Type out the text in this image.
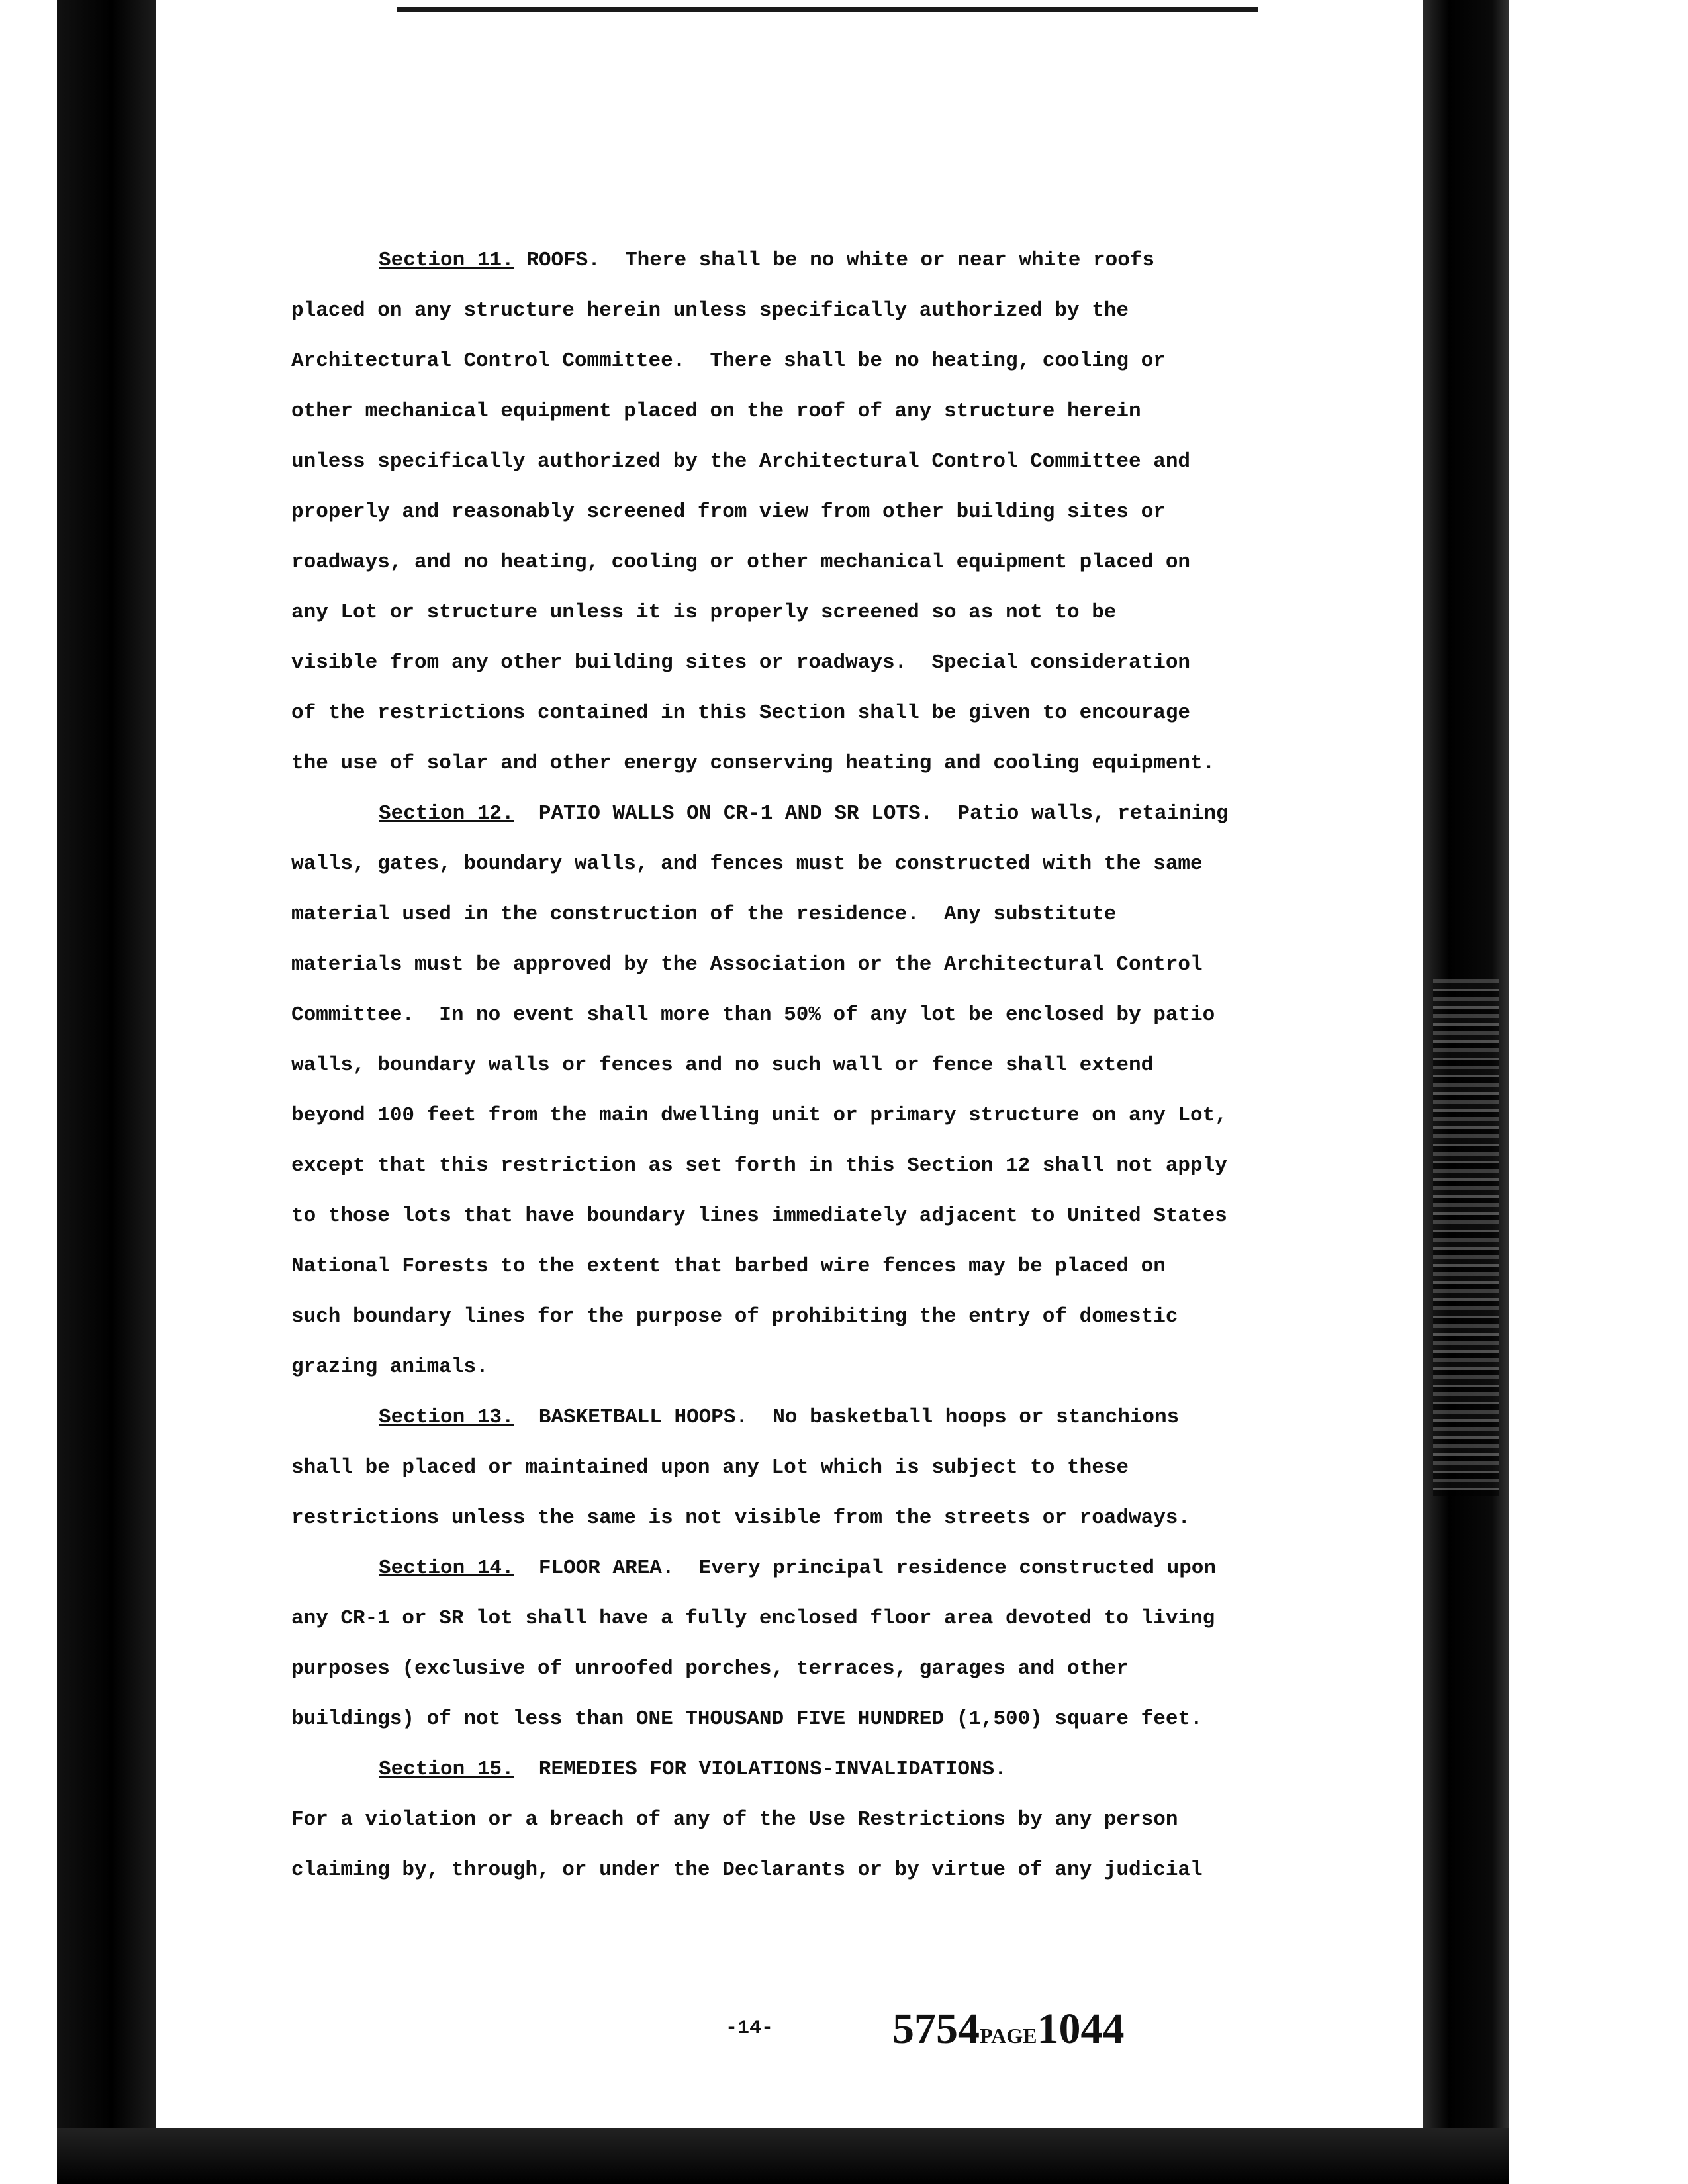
Section 11. ROOFS.  There shall be no white or near white roofs
placed on any structure herein unless specifically authorized by the
Architectural Control Committee.  There shall be no heating, cooling or
other mechanical equipment placed on the roof of any structure herein
unless specifically authorized by the Architectural Control Committee and
properly and reasonably screened from view from other building sites or
roadways, and no heating, cooling or other mechanical equipment placed on
any Lot or structure unless it is properly screened so as not to be
visible from any other building sites or roadways.  Special consideration
of the restrictions contained in this Section shall be given to encourage
the use of solar and other energy conserving heating and cooling equipment.
Section 12.  PATIO WALLS ON CR-1 AND SR LOTS.  Patio walls, retaining
walls, gates, boundary walls, and fences must be constructed with the same
material used in the construction of the residence.  Any substitute
materials must be approved by the Association or the Architectural Control
Committee.  In no event shall more than 50% of any lot be enclosed by patio
walls, boundary walls or fences and no such wall or fence shall extend
beyond 100 feet from the main dwelling unit or primary structure on any Lot,
except that this restriction as set forth in this Section 12 shall not apply
to those lots that have boundary lines immediately adjacent to United States
National Forests to the extent that barbed wire fences may be placed on
such boundary lines for the purpose of prohibiting the entry of domestic
grazing animals.
Section 13.  BASKETBALL HOOPS.  No basketball hoops or stanchions
shall be placed or maintained upon any Lot which is subject to these
restrictions unless the same is not visible from the streets or roadways.
Section 14.  FLOOR AREA.  Every principal residence constructed upon
any CR-1 or SR lot shall have a fully enclosed floor area devoted to living
purposes (exclusive of unroofed porches, terraces, garages and other
buildings) of not less than ONE THOUSAND FIVE HUNDRED (1,500) square feet.
Section 15.  REMEDIES FOR VIOLATIONS-INVALIDATIONS.
For a violation or a breach of any of the Use Restrictions by any person
claiming by, through, or under the Declarants or by virtue of any judicial
-14-	5754PAGE1044
